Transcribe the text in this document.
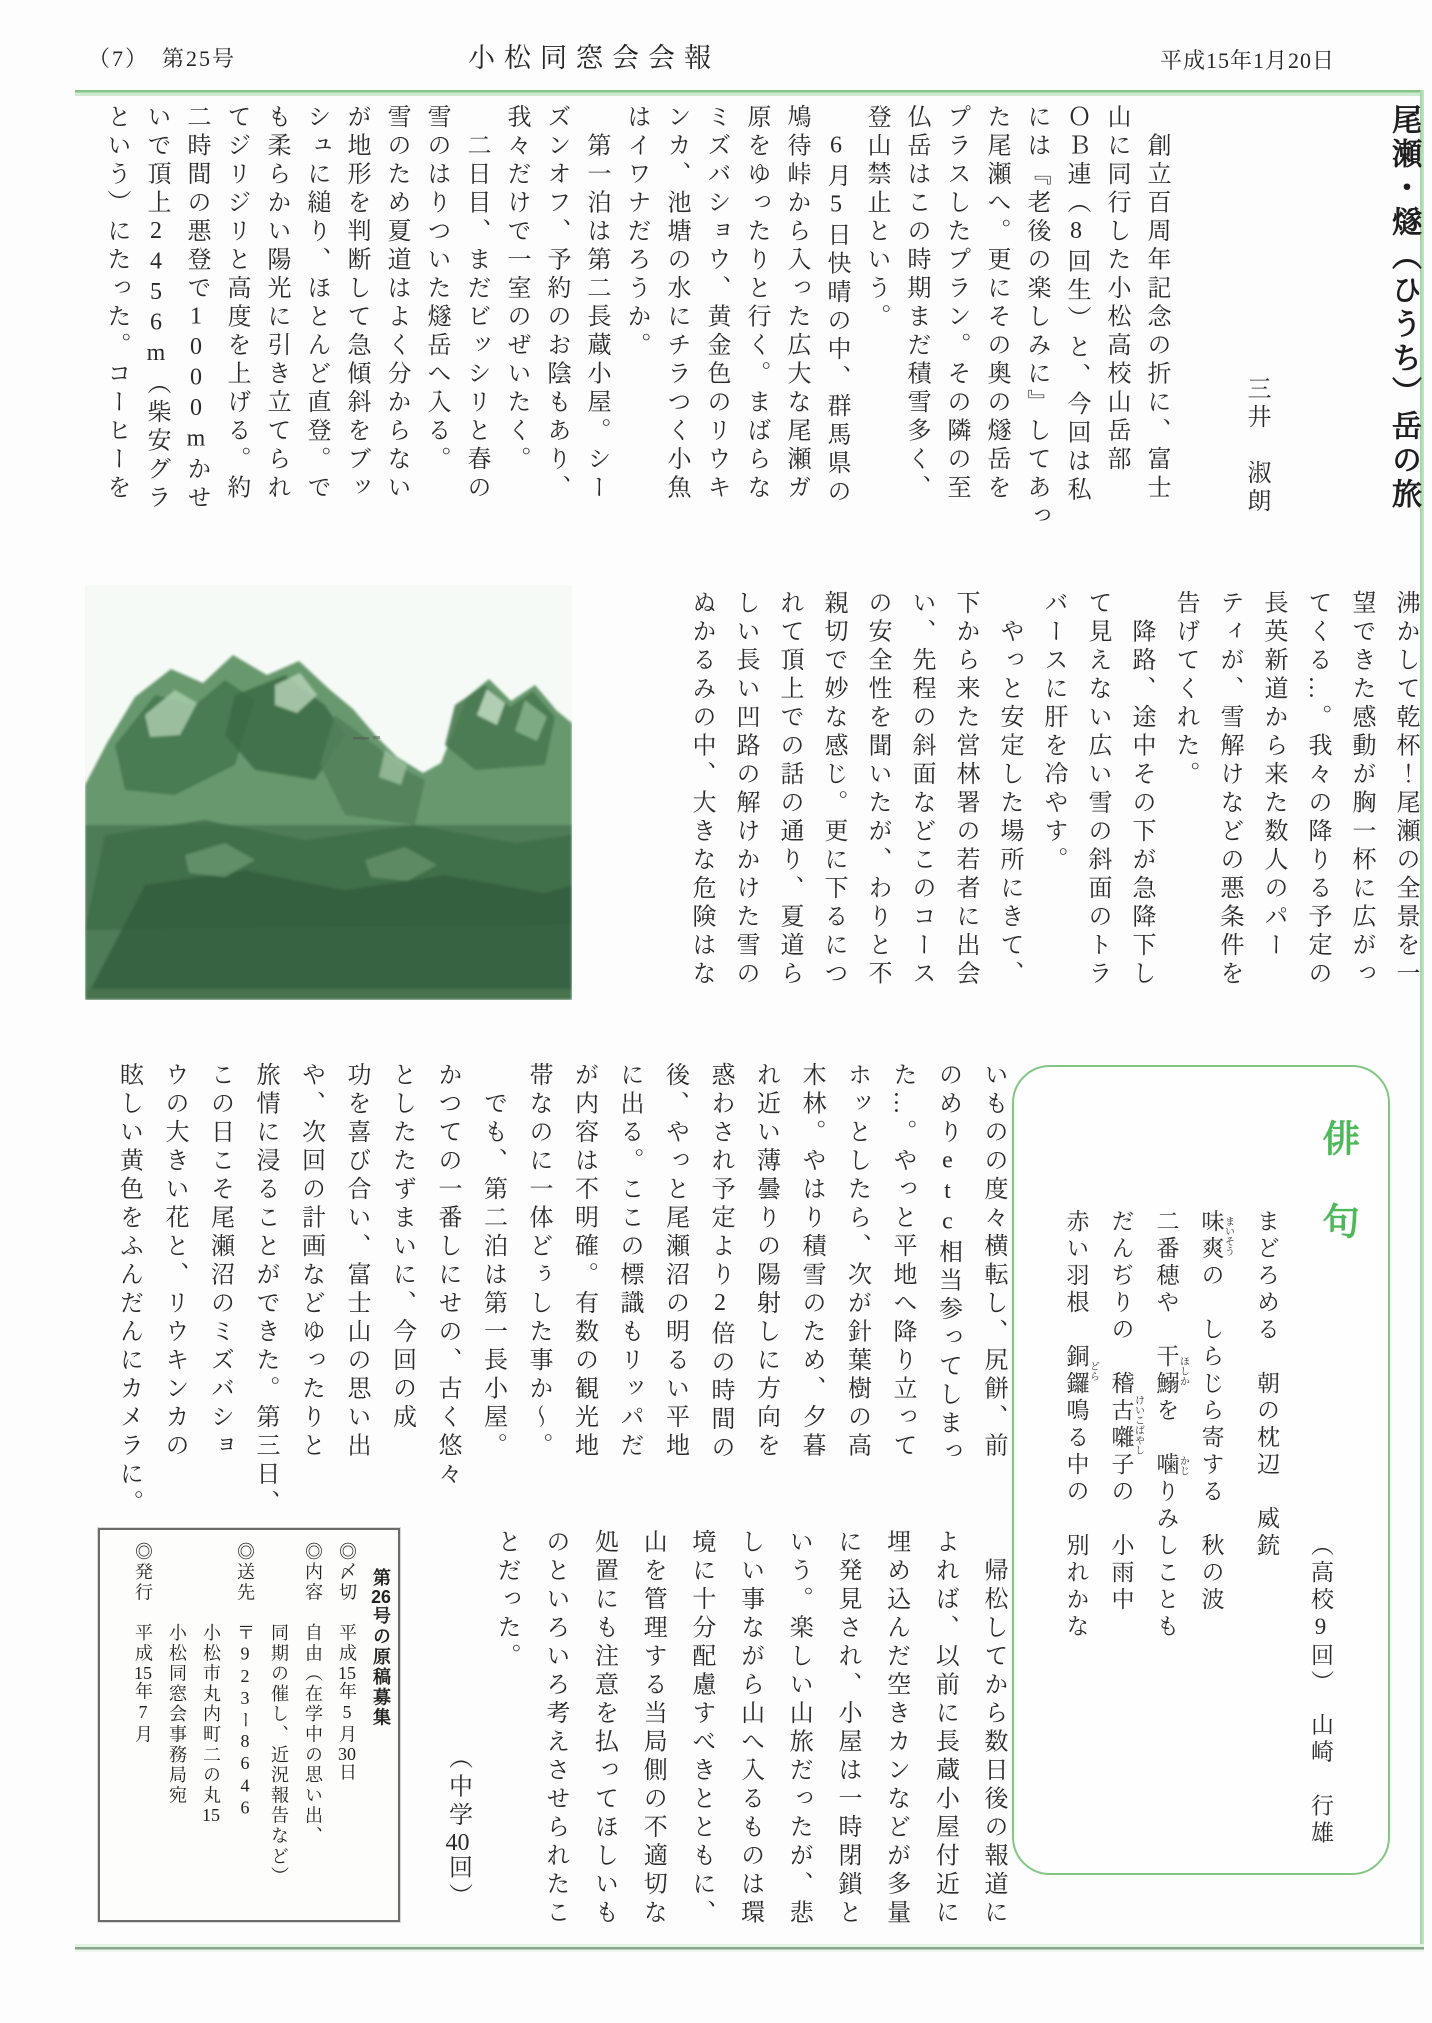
（7）　第25号	小松同窓会会報	平成15年1月20日
尾瀬・燧（ひうち）岳の旅
三井　淑朗
　創立百周年記念の折に、富士
山に同行した小松高校山岳部
ＯＢ連（8回生）と、今回は私
には『老後の楽しみに』してあっ
た尾瀬へ。更にその奥の燧岳を
プラスしたプラン。その隣の至
仏岳はこの時期まだ積雪多く、
登山禁止という。
　6月5日快晴の中、群馬県の
鳩待峠から入った広大な尾瀬ガ
原をゆったりと行く。まばらな
ミズバショウ、黄金色のリウキ
ンカ、池塘の水にチラつく小魚
はイワナだろうか。
　第一泊は第二長蔵小屋。シー
ズンオフ、予約のお陰もあり、
我々だけで一室のぜいたく。
　二日目、まだビッシリと春の
雪のはりついた燧岳へ入る。
雪のため夏道はよく分からない
が地形を判断して急傾斜をブッ
シュに縋り、ほとんど直登。で
も柔らかい陽光に引き立てられ
てジリジリと高度を上げる。約
二時間の悪登で1000mかせ
いで頂上2456m（柴安グラ
という）にたった。コーヒーを
沸かして乾杯！尾瀬の全景を一
望できた感動が胸一杯に広がっ
てくる…。我々の降りる予定の
長英新道から来た数人のパー
ティが、雪解けなどの悪条件を
告げてくれた。
　降路、途中その下が急降下し
て見えない広い雪の斜面のトラ
バースに肝を冷やす。
　やっと安定した場所にきて、
下から来た営林署の若者に出会
い、先程の斜面などこのコース
の安全性を聞いたが、わりと不
親切で妙な感じ。更に下るにつ
れて頂上での話の通り、夏道ら
しい長い凹路の解けかけた雪の
ぬかるみの中、大きな危険はな
いものの度々横転し、尻餅、前
のめりetc相当参ってしまっ
た…。やっと平地へ降り立って
ホッとしたら、次が針葉樹の高
木林。やはり積雪のため、夕暮
れ近い薄曇りの陽射しに方向を
惑わされ予定より2倍の時間の
後、やっと尾瀬沼の明るい平地
に出る。ここの標識もリッパだ
が内容は不明確。有数の観光地
帯なのに一体どぅした事か〜。
　でも、第二泊は第一長小屋。
かつての一番しにせの、古く悠々
としたたずまいに、今回の成
功を喜び合い、富士山の思い出
や、次回の計画などゆったりと
旅情に浸ることができた。第三日、
この日こそ尾瀬沼のミズバショ
ウの大きい花と、リウキンカの
眩しい黄色をふんだんにカメラに。	俳句
まどろめる　朝の枕辺　威銃
味爽 まいそうの　しらじら寄する　秋の波
二番穂や　干鰯 ほしかを　噛 かじりみしことも
だんぢりの　稽古囃子 けいこばやしの　小雨中
赤い羽根　銅鑼 どら鳴る中の　別れかな	（高校9回）　山崎　行雄
　帰松してから数日後の報道に
よれば、以前に長蔵小屋付近に
埋め込んだ空きカンなどが多量
に発見され、小屋は一時閉鎖と
いう。楽しい山旅だったが、悲
しい事ながら山へ入るものは環
境に十分配慮すべきとともに、
山を管理する当局側の不適切な
処置にも注意を払ってほしいも
のといろいろ考えさせられたこ
とだった。
　　　　　　　　（中学40回）
第26号の原稿募集
◎〆切　平成15年5月30日
◎内容　自由（在学中の思い出、
　　　　同期の催し、近況報告など）
◎送先　〒923ー8646
　　　　小松市丸内町二の丸15
　　　　小松同窓会事務局宛
◎発行　平成15年7月
